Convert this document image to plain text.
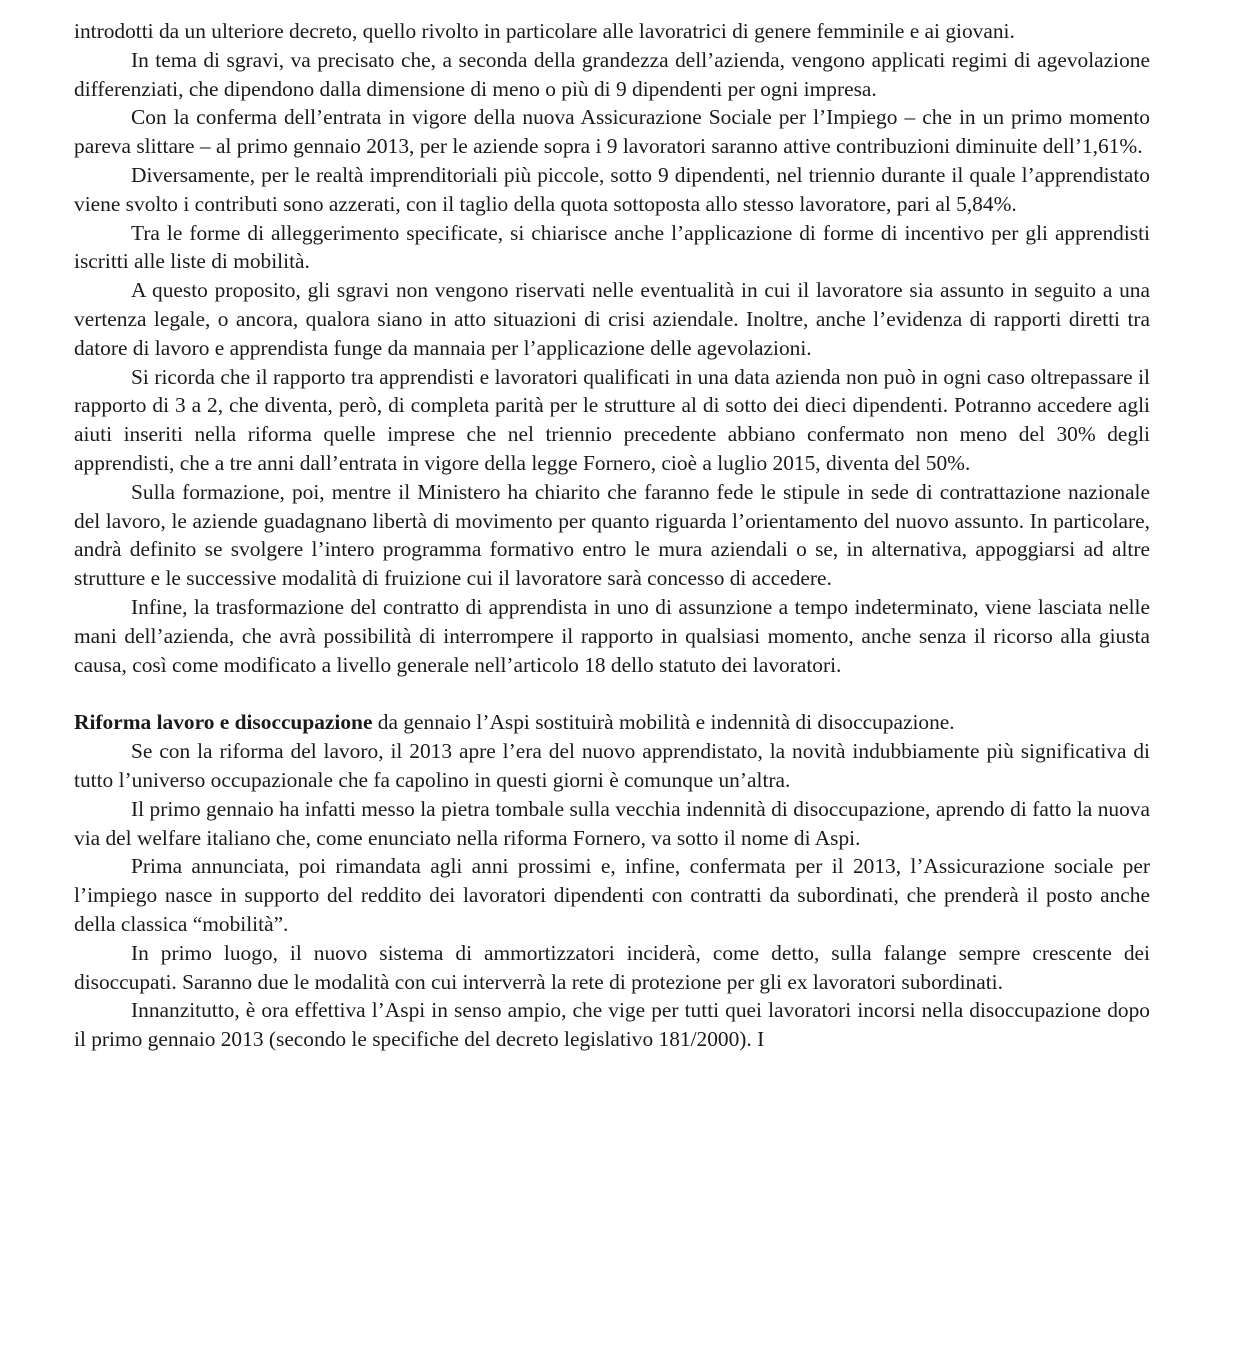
introdotti da un ulteriore decreto, quello rivolto in particolare alle lavoratrici di genere femminile e ai giovani.

In tema di sgravi, va precisato che, a seconda della grandezza dell’azienda, vengono applicati regimi di agevolazione differenziati, che dipendono dalla dimensione di meno o più di 9 dipendenti per ogni impresa.

Con la conferma dell’entrata in vigore della nuova Assicurazione Sociale per l’Impiego – che in un primo momento pareva slittare – al primo gennaio 2013, per le aziende sopra i 9 lavoratori saranno attive contribuzioni diminuite dell’1,61%.

Diversamente, per le realtà imprenditoriali più piccole, sotto 9 dipendenti, nel triennio durante il quale l’apprendistato viene svolto i contributi sono azzerati, con il taglio della quota sottoposta allo stesso lavoratore, pari al 5,84%.

Tra le forme di alleggerimento specificate, si chiarisce anche l’applicazione di forme di incentivo per gli apprendisti iscritti alle liste di mobilità.

A questo proposito, gli sgravi non vengono riservati nelle eventualità in cui il lavoratore sia assunto in seguito a una vertenza legale, o ancora, qualora siano in atto situazioni di crisi aziendale. Inoltre, anche l’evidenza di rapporti diretti tra datore di lavoro e apprendista funge da mannaia per l’applicazione delle agevolazioni.

Si ricorda che il rapporto tra apprendisti e lavoratori qualificati in una data azienda non può in ogni caso oltrepassare il rapporto di 3 a 2, che diventa, però, di completa parità per le strutture al di sotto dei dieci dipendenti. Potranno accedere agli aiuti inseriti nella riforma quelle imprese che nel triennio precedente abbiano confermato non meno del 30% degli apprendisti, che a tre anni dall’entrata in vigore della legge Fornero, cioè a luglio 2015, diventa del 50%.

Sulla formazione, poi, mentre il Ministero ha chiarito che faranno fede le stipule in sede di contrattazione nazionale del lavoro, le aziende guadagnano libertà di movimento per quanto riguarda l’orientamento del nuovo assunto. In particolare, andrà definito se svolgere l’intero programma formativo entro le mura aziendali o se, in alternativa, appoggiarsi ad altre strutture e le successive modalità di fruizione cui il lavoratore sarà concesso di accedere.

Infine, la trasformazione del contratto di apprendista in uno di assunzione a tempo indeterminato, viene lasciata nelle mani dell’azienda, che avrà possibilità di interrompere il rapporto in qualsiasi momento, anche senza il ricorso alla giusta causa, così come modificato a livello generale nell’articolo 18 dello statuto dei lavoratori.

Riforma lavoro e disoccupazione da gennaio l’Aspi sostituirà mobilità e indennità di disoccupazione.

Se con la riforma del lavoro, il 2013 apre l’era del nuovo apprendistato, la novità indubbiamente più significativa di tutto l’universo occupazionale che fa capolino in questi giorni è comunque un’altra.

Il primo gennaio ha infatti messo la pietra tombale sulla vecchia indennità di disoccupazione, aprendo di fatto la nuova via del welfare italiano che, come enunciato nella riforma Fornero, va sotto il nome di Aspi.

Prima annunciata, poi rimandata agli anni prossimi e, infine, confermata per il 2013, l’Assicurazione sociale per l’impiego nasce in supporto del reddito dei lavoratori dipendenti con contratti da subordinati, che prenderà il posto anche della classica “mobilità”.

In primo luogo, il nuovo sistema di ammortizzatori inciderà, come detto, sulla falange sempre crescente dei disoccupati. Saranno due le modalità con cui interverrà la rete di protezione per gli ex lavoratori subordinati.

Innanzitutto, è ora effettiva l’Aspi in senso ampio, che vige per tutti quei lavoratori incorsi nella disoccupazione dopo il primo gennaio 2013 (secondo le specifiche del decreto legislativo 181/2000). I
